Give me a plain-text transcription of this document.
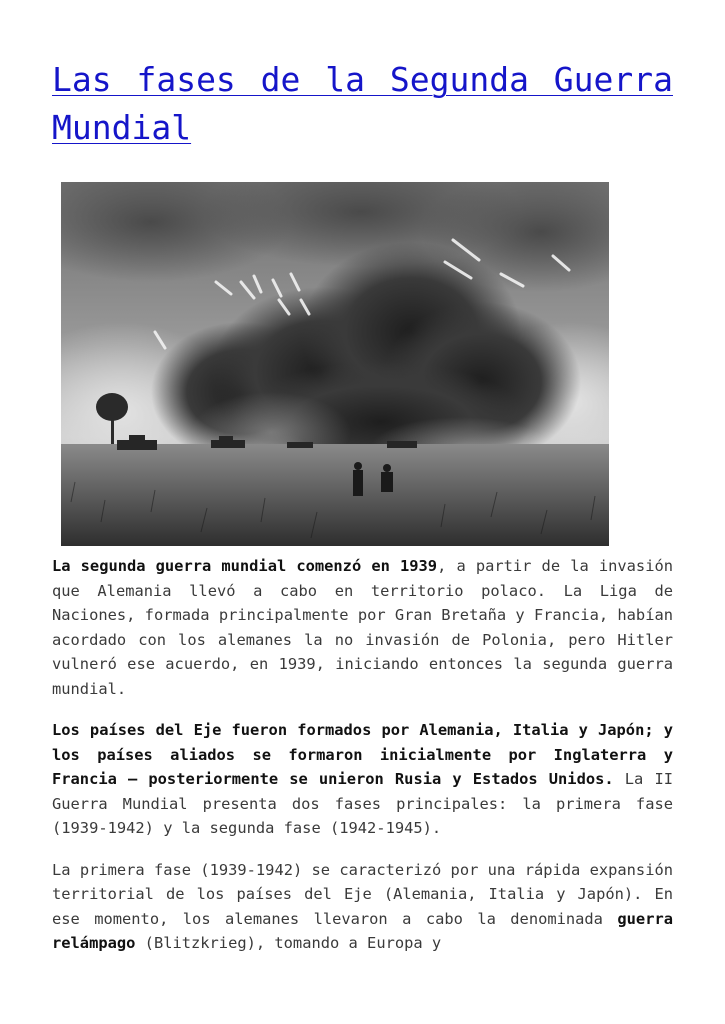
Las fases de la Segunda Guerra Mundial

La segunda guerra mundial comenzó en 1939, a partir de la invasión que Alemania llevó a cabo en territorio polaco. La Liga de Naciones, formada principalmente por Gran Bretaña y Francia, habían acordado con los alemanes la no invasión de Polonia, pero Hitler vulneró ese acuerdo, en 1939, iniciando entonces la segunda guerra mundial.

Los países del Eje fueron formados por Alemania, Italia y Japón; y los países aliados se formaron inicialmente por Inglaterra y Francia – posteriormente se unieron Rusia y Estados Unidos. La II Guerra Mundial presenta dos fases principales: la primera fase (1939-1942) y la segunda fase (1942-1945).

La primera fase (1939-1942) se caracterizó por una rápida expansión territorial de los países del Eje (Alemania, Italia y Japón). En ese momento, los alemanes llevaron a cabo la denominada guerra relámpago (Blitzkrieg), tomando a Europa y
